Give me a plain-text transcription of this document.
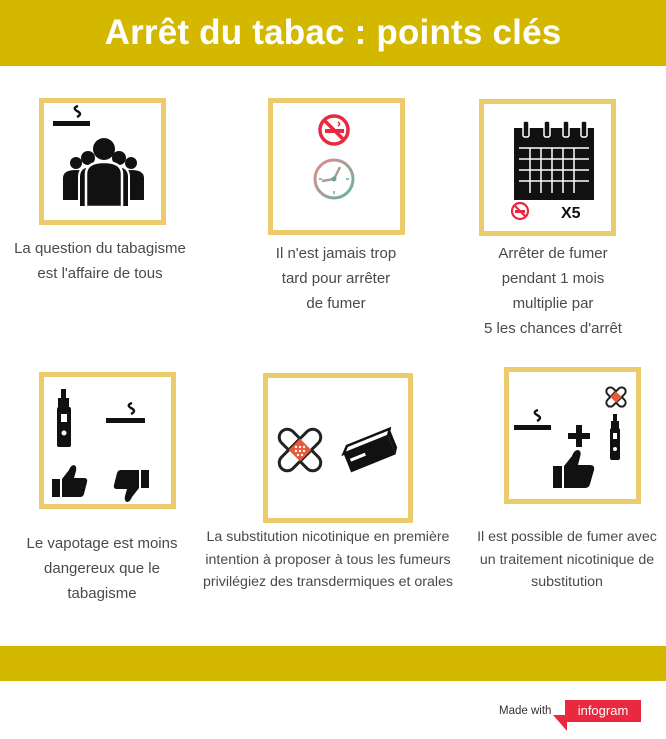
Arrêt du tabac : points clés
X5
La question du tabagisme
est l'affaire de tous
Il n'est jamais trop
tard pour arrêter
de fumer
Arrêter de fumer
pendant 1 mois
multiplie par
5 les chances d'arrêt
Le vapotage est moins
dangereux que le
tabagisme
La substitution nicotinique en première
intention à proposer à tous les fumeurs
privilégiez des transdermiques et orales
Il est possible de fumer avec
un traitement nicotinique de
substitution
Made with	infogram
